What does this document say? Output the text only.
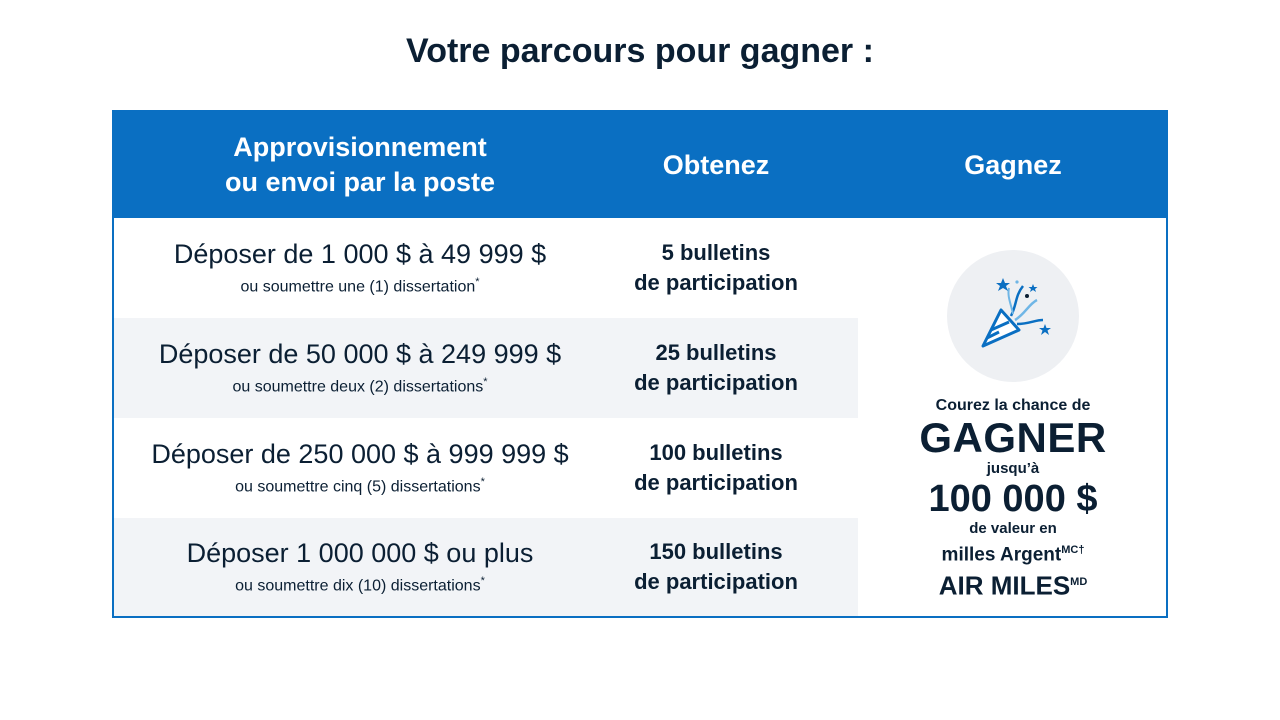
Votre parcours pour gagner :
Approvisionnement
ou envoi par la poste
Obtenez	Gagnez
Déposer de 1 000 $ à 49 999 $
ou soumettre une (1) dissertation*
5 bulletins
de participation
Déposer de 50 000 $ à 249 999 $
ou soumettre deux (2) dissertations*
25 bulletins
de participation
Déposer de 250 000 $ à 999 999 $
ou soumettre cinq (5) dissertations*
100 bulletins
de participation
Déposer 1 000 000 $ ou plus
ou soumettre dix (10) dissertations*
150 bulletins
de participation
Courez la chance de
GAGNER
jusqu’à
100 000 $
de valeur en
milles Argent$^{MC\dagger}$
AIR $MILES^{MD}$
